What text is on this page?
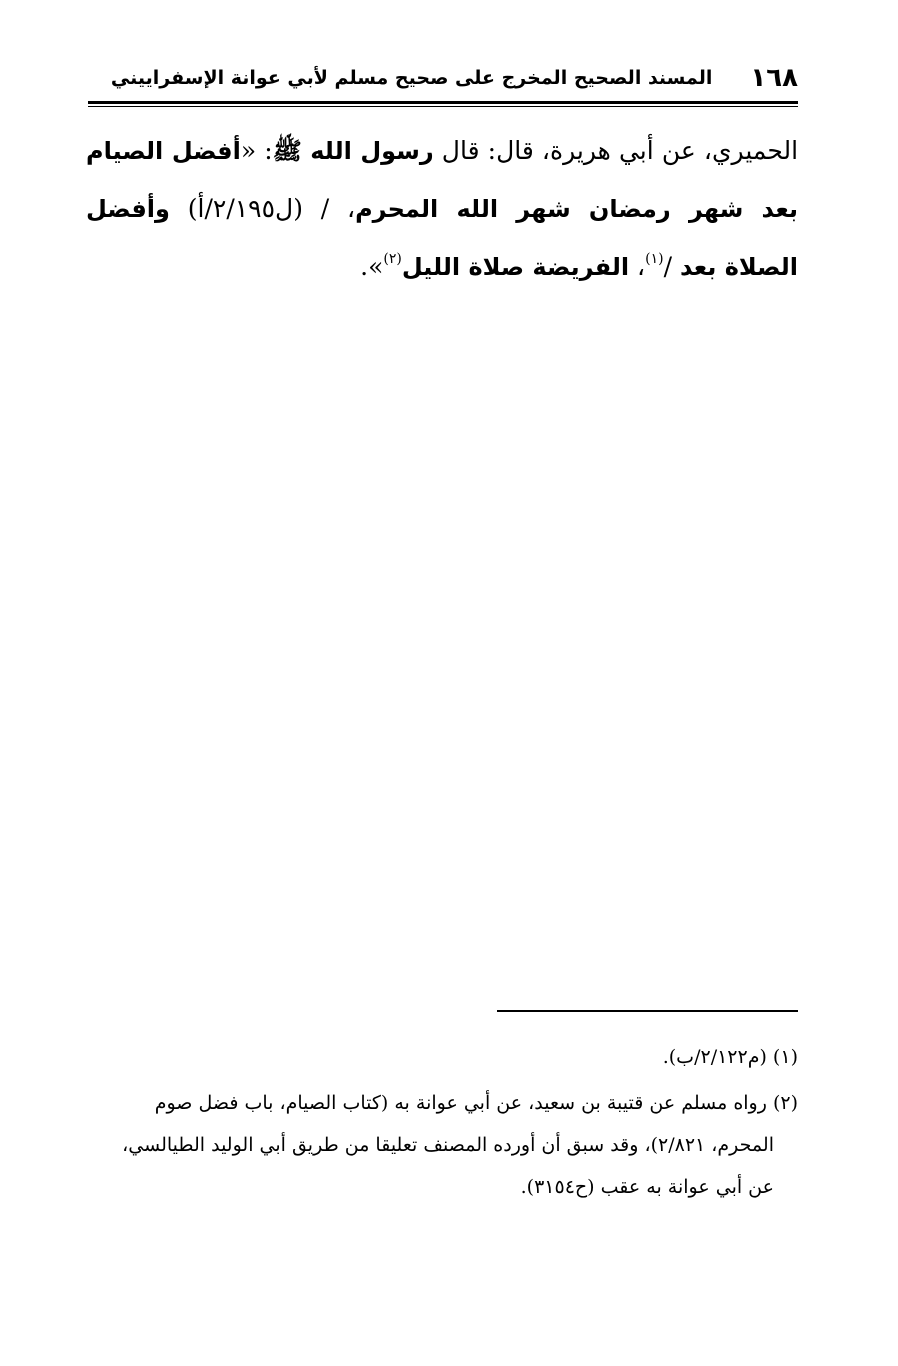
١٦٨
المسند الصحيح المخرج على صحيح مسلم لأبي عوانة الإسفراييني
الحميري، عن أبي هريرة، قال: قال رسول الله ﷺ: «أفضل الصيام بعد شهر رمضان شهر الله المحرم، / (ل٢/١٩٥/أ) وأفضل الصلاة بعد /$^{(١)}$، الفريضة صلاة الليل$^{(٢)}$».
(١) (م٢/١٢٢/ب).
(٢) رواه مسلم عن قتيبة بن سعيد، عن أبي عوانة به (كتاب الصيام، باب فضل صوم
المحرم، ٢/٨٢١)، وقد سبق أن أورده المصنف تعليقا من طريق أبي الوليد الطيالسي،
عن أبي عوانة به عقب (ح٣١٥٤).
